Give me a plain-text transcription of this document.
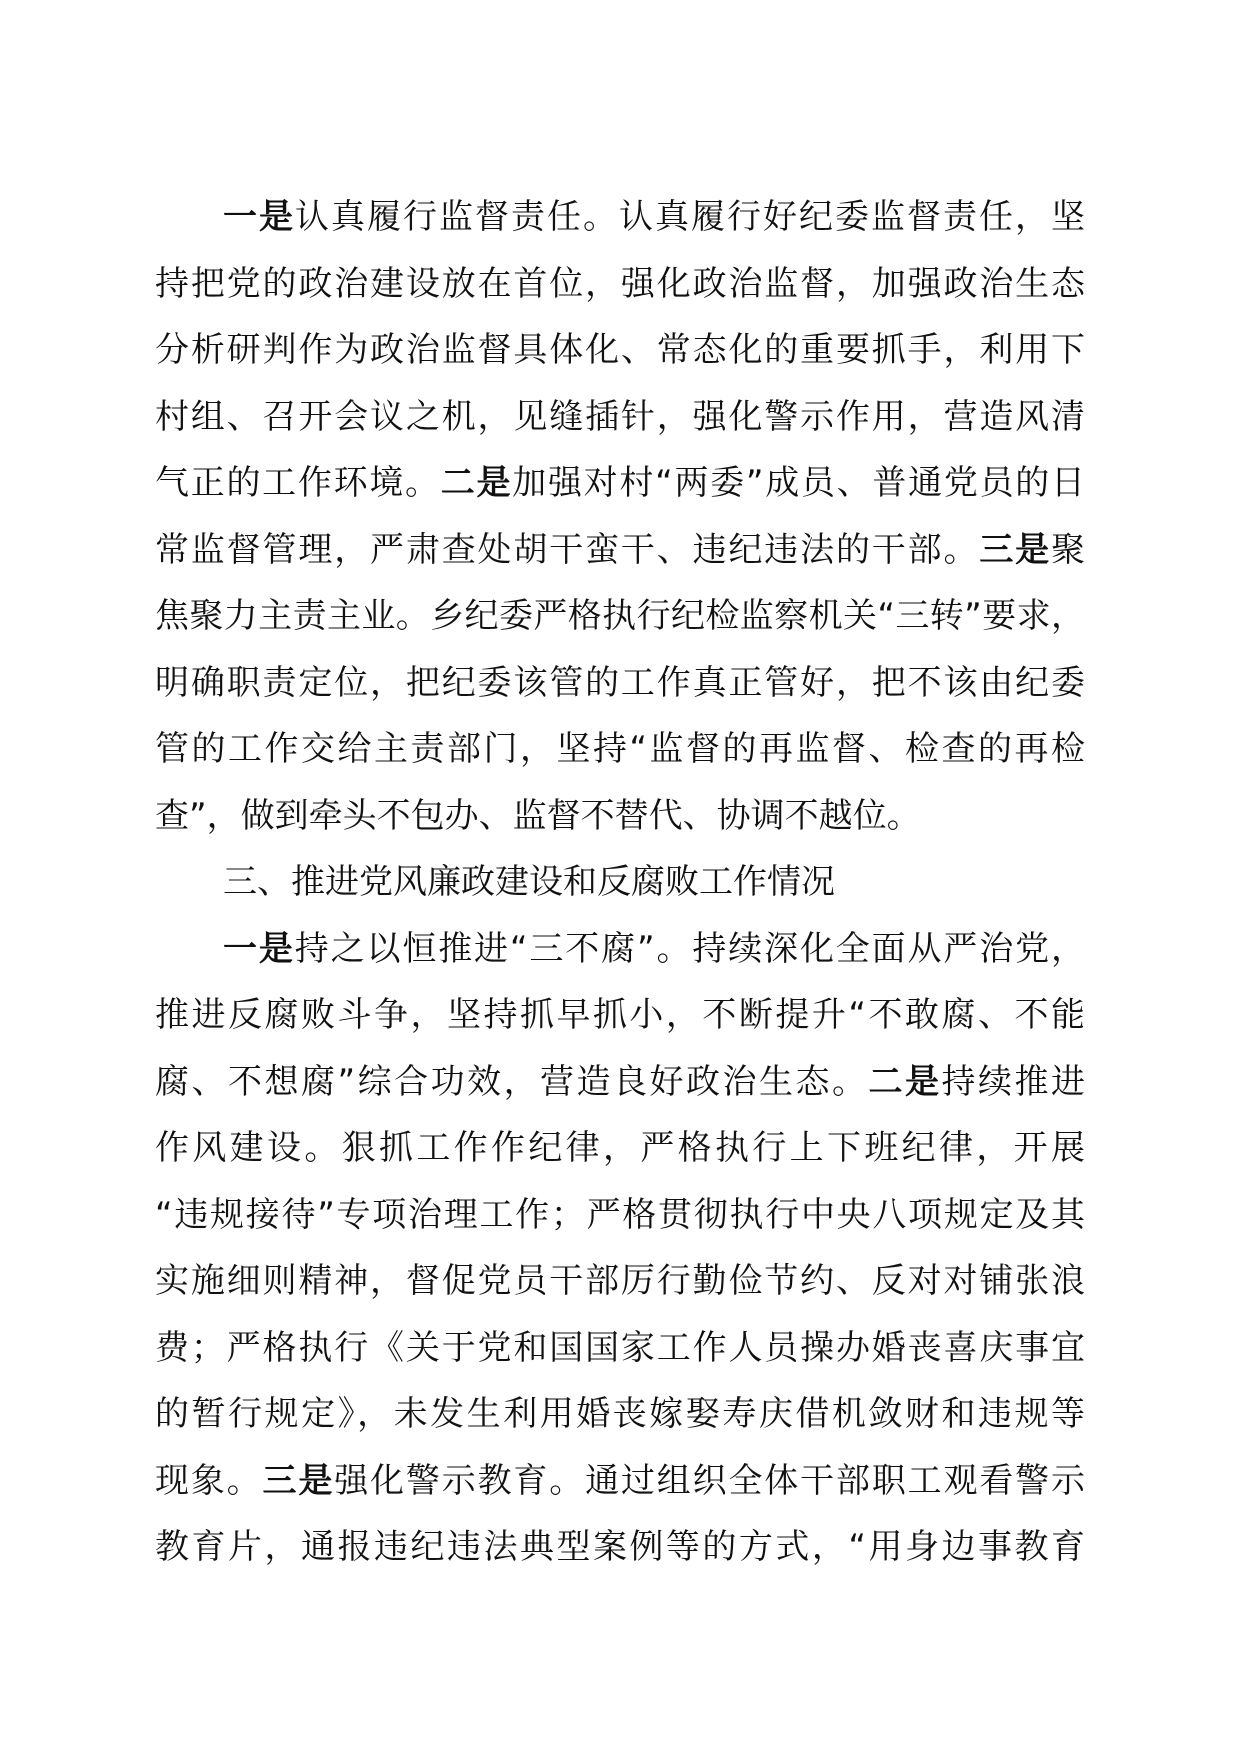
一是认真履行监督责任。认真履行好纪委监督责任，坚
持把党的政治建设放在首位，强化政治监督，加强政治生态
分析研判作为政治监督具体化、常态化的重要抓手，利用下
村组、召开会议之机，见缝插针，强化警示作用，营造风清
气正的工作环境。二是加强对村“两委”成员、普通党员的日
常监督管理，严肃查处胡干蛮干、违纪违法的干部。三是聚
焦聚力主责主业。乡纪委严格执行纪检监察机关“三转”要求，
明确职责定位，把纪委该管的工作真正管好，把不该由纪委
管的工作交给主责部门，坚持“监督的再监督、检查的再检
查”，做到牵头不包办、监督不替代、协调不越位。
三、推进党风廉政建设和反腐败工作情况
一是持之以恒推进“三不腐”。持续深化全面从严治党，
推进反腐败斗争，坚持抓早抓小，不断提升“不敢腐、不能
腐、不想腐”综合功效，营造良好政治生态。二是持续推进
作风建设。狠抓工作作纪律，严格执行上下班纪律，开展
“违规接待”专项治理工作；严格贯彻执行中央八项规定及其
实施细则精神，督促党员干部厉行勤俭节约、反对对铺张浪
费；严格执行《关于党和国国家工作人员操办婚丧喜庆事宜
的暂行规定》，未发生利用婚丧嫁娶寿庆借机敛财和违规等
现象。三是强化警示教育。通过组织全体干部职工观看警示
教育片，通报违纪违法典型案例等的方式，“用身边事教育
